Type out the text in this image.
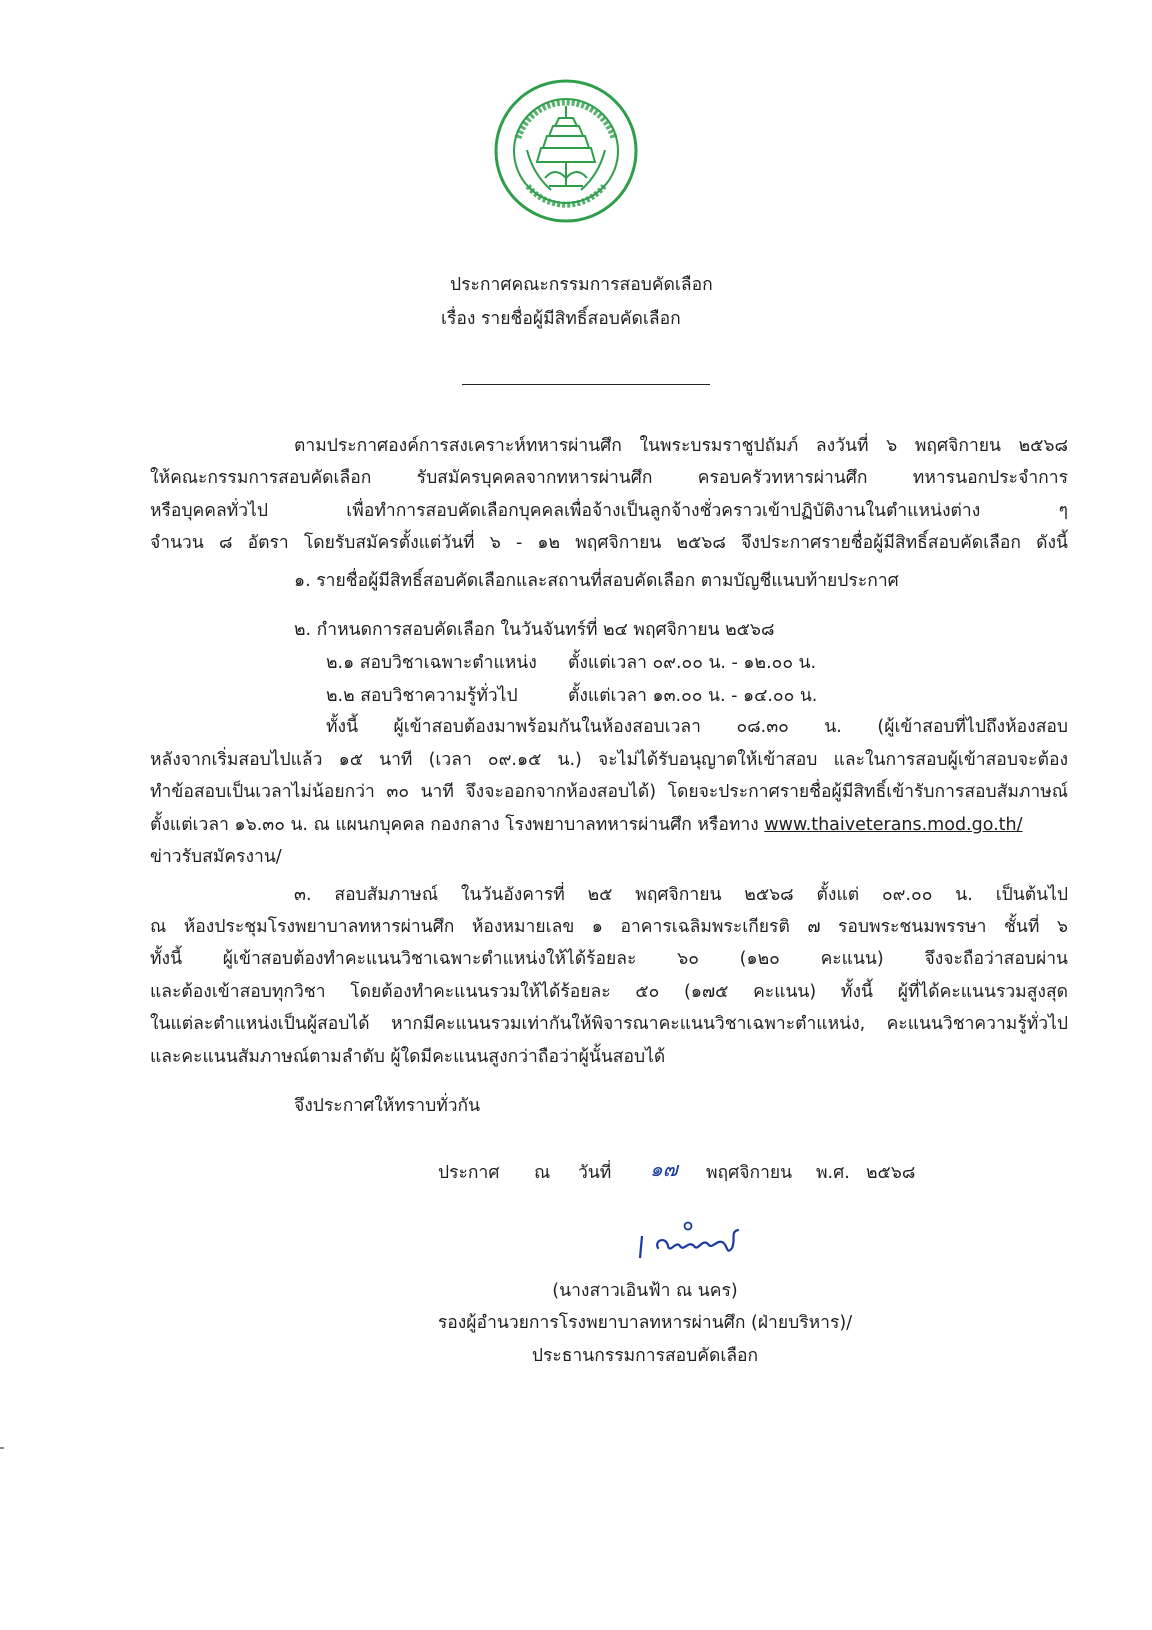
ประกาศคณะกรรมการสอบคัดเลือก
เรื่อง รายชื่อผู้มีสิทธิ์สอบคัดเลือก
ตามประกาศองค์การสงเคราะห์ทหารผ่านศึก ในพระบรมราชูปถัมภ์ ลงวันที่ ๖ พฤศจิกายน ๒๕๖๘
ให้คณะกรรมการสอบคัดเลือก รับสมัครบุคคลจากทหารผ่านศึก ครอบครัวทหารผ่านศึก ทหารนอกประจำการ
หรือบุคคลทั่วไป เพื่อทำการสอบคัดเลือกบุคคลเพื่อจ้างเป็นลูกจ้างชั่วคราวเข้าปฏิบัติงานในตำแหน่งต่าง ๆ
จำนวน ๘ อัตรา โดยรับสมัครตั้งแต่วันที่ ๖ - ๑๒ พฤศจิกายน ๒๕๖๘ จึงประกาศรายชื่อผู้มีสิทธิ์สอบคัดเลือก ดังนี้
๑. รายชื่อผู้มีสิทธิ์สอบคัดเลือกและสถานที่สอบคัดเลือก ตามบัญชีแนบท้ายประกาศ
๒. กำหนดการสอบคัดเลือก ในวันจันทร์ที่ ๒๔ พฤศจิกายน ๒๕๖๘
๒.๑ สอบวิชาเฉพาะตำแหน่ง ตั้งแต่เวลา ๐๙.๐๐ น. - ๑๒.๐๐ น.
๒.๒ สอบวิชาความรู้ทั่วไป	ตั้งแต่เวลา ๑๓.๐๐ น. - ๑๔.๐๐ น.
ทั้งนี้ ผู้เข้าสอบต้องมาพร้อมกันในห้องสอบเวลา ๐๘.๓๐ น. (ผู้เข้าสอบที่ไปถึงห้องสอบ
หลังจากเริ่มสอบไปแล้ว ๑๕ นาที (เวลา ๐๙.๑๕ น.) จะไม่ได้รับอนุญาตให้เข้าสอบ และในการสอบผู้เข้าสอบจะต้อง
ทำข้อสอบเป็นเวลาไม่น้อยกว่า ๓๐ นาที จึงจะออกจากห้องสอบได้) โดยจะประกาศรายชื่อผู้มีสิทธิ์เข้ารับการสอบสัมภาษณ์
ตั้งแต่เวลา ๑๖.๓๐ น. ณ แผนกบุคคล กองกลาง โรงพยาบาลทหารผ่านศึก หรือทาง www.thaiveterans.mod.go.th/
ข่าวรับสมัครงาน/
๓. สอบสัมภาษณ์ ในวันอังคารที่ ๒๕ พฤศจิกายน ๒๕๖๘ ตั้งแต่ ๐๙.๐๐ น. เป็นต้นไป
ณ ห้องประชุมโรงพยาบาลทหารผ่านศึก ห้องหมายเลข ๑ อาคารเฉลิมพระเกียรติ ๗ รอบพระชนมพรรษา ชั้นที่ ๖
ทั้งนี้ ผู้เข้าสอบต้องทำคะแนนวิชาเฉพาะตำแหน่งให้ได้ร้อยละ ๖๐ (๑๒๐ คะแนน) จึงจะถือว่าสอบผ่าน
และต้องเข้าสอบทุกวิชา โดยต้องทำคะแนนรวมให้ได้ร้อยละ ๕๐ (๑๗๕ คะแนน) ทั้งนี้ ผู้ที่ได้คะแนนรวมสูงสุด
ในแต่ละตำแหน่งเป็นผู้สอบได้ หากมีคะแนนรวมเท่ากันให้พิจารณาคะแนนวิชาเฉพาะตำแหน่ง, คะแนนวิชาความรู้ทั่วไป
และคะแนนสัมภาษณ์ตามลำดับ ผู้ใดมีคะแนนสูงกว่าถือว่าผู้นั้นสอบได้
จึงประกาศให้ทราบทั่วกัน
ประกาศ ณ วันที่ ๑๗ พฤศจิกายน พ.ศ. ๒๕๖๘
(นางสาวเอินฟ้า ณ นคร)
รองผู้อำนวยการโรงพยาบาลทหารผ่านศึก (ฝ่ายบริหาร)/
ประธานกรรมการสอบคัดเลือก
